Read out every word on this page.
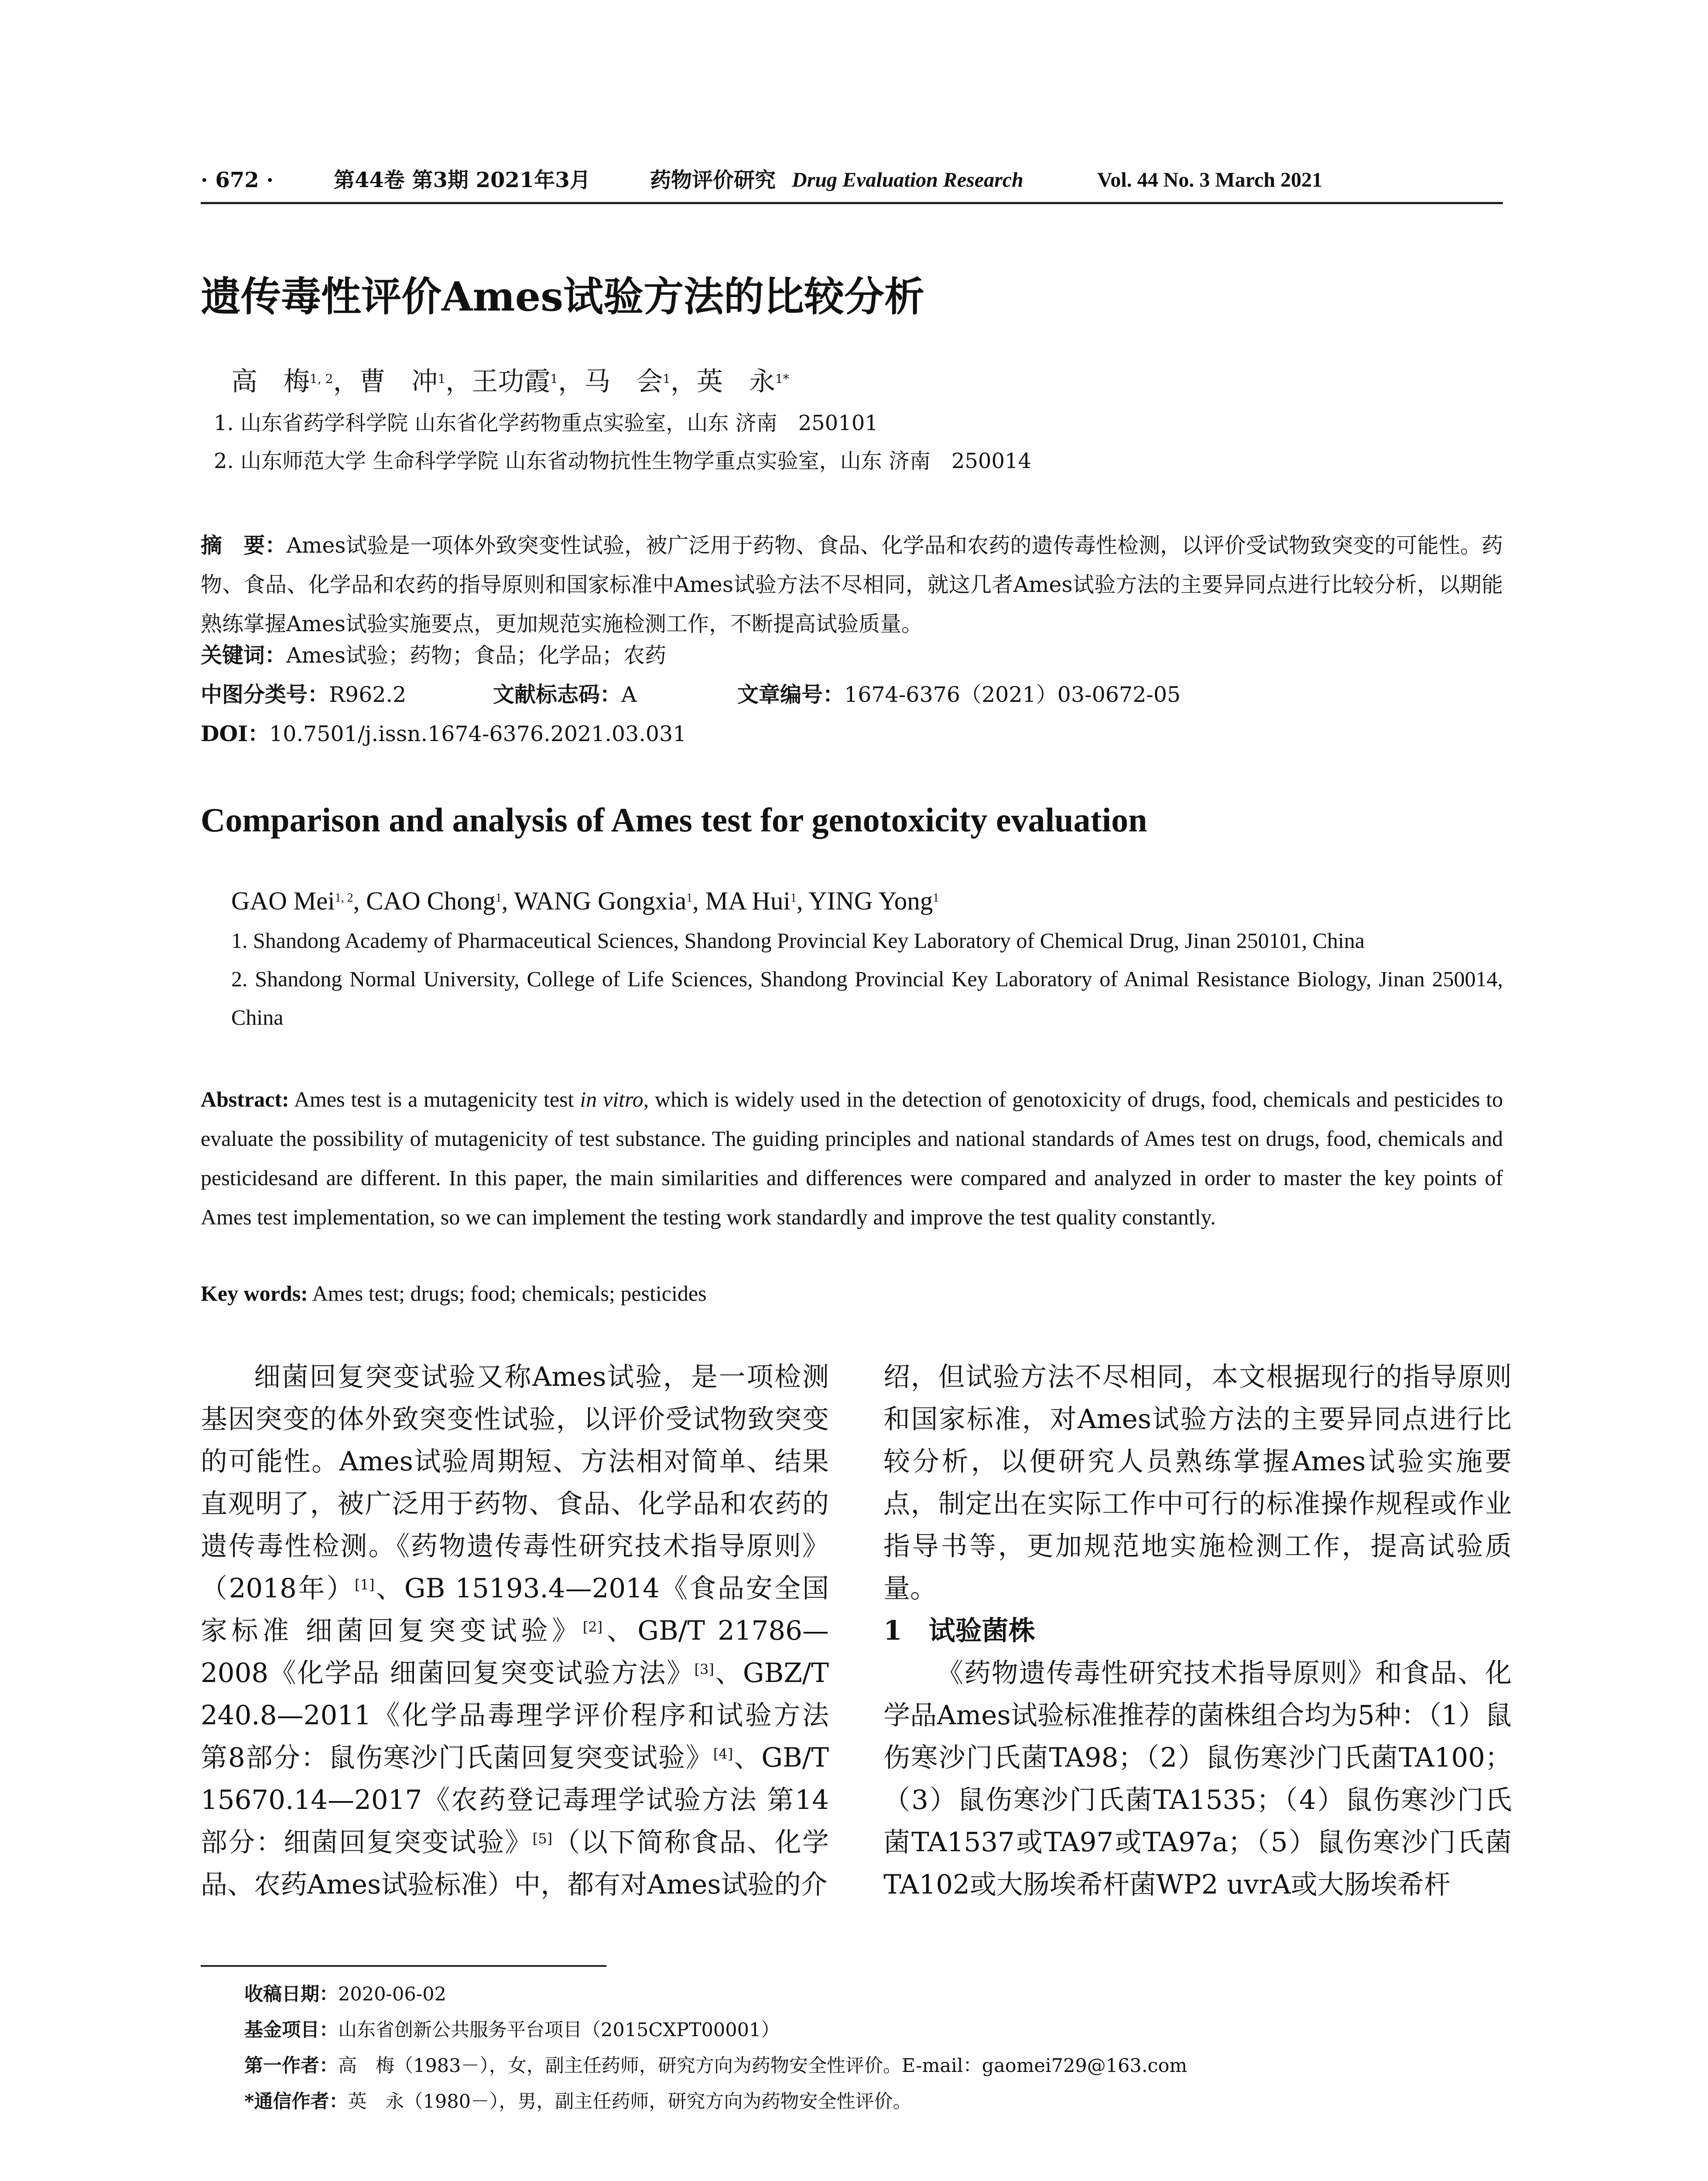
· 672 ·	第44卷 第3期 2021年3月	药物评价研究 Drug Evaluation Research	Vol. 44 No. 3 March 2021
遗传毒性评价Ames试验方法的比较分析
高　梅$^{1, 2}$，曹　冲$^1$，王功霞$^1$，马　会$^1$，英　永$^{1*}$
1. 山东省药学科学院 山东省化学药物重点实验室，山东 济南　250101
2. 山东师范大学 生命科学学院 山东省动物抗性生物学重点实验室，山东 济南　250014
摘　要：Ames试验是一项体外致突变性试验，被广泛用于药物、食品、化学品和农药的遗传毒性检测，以评价受试物致突变的可能性。药物、食品、化学品和农药的指导原则和国家标准中Ames试验方法不尽相同，就这几者Ames试验方法的主要异同点进行比较分析，以期能熟练掌握Ames试验实施要点，更加规范实施检测工作，不断提高试验质量。
关键词：Ames试验；药物；食品；化学品；农药
中图分类号：R962.2	文献标志码：A	文章编号：1674-6376（2021）03-0672-05
DOI：10.7501/j.issn.1674-6376.2021.03.031
Comparison and analysis of Ames test for genotoxicity evaluation
GAO Mei$^{1, 2}$, CAO Chong$^1$, WANG Gongxia$^1$, MA Hui$^1$, YING Yong$^1$
1. Shandong Academy of Pharmaceutical Sciences, Shandong Provincial Key Laboratory of Chemical Drug, Jinan 250101, China
2. Shandong Normal University, College of Life Sciences, Shandong Provincial Key Laboratory of Animal Resistance Biology, Jinan 250014, China
Abstract: Ames test is a mutagenicity test in vitro, which is widely used in the detection of genotoxicity of drugs, food, chemicals and pesticides to evaluate the possibility of mutagenicity of test substance. The guiding principles and national standards of Ames test on drugs, food, chemicals and pesticidesand are different. In this paper, the main similarities and differences were compared and analyzed in order to master the key points of Ames test implementation, so we can implement the testing work standardly and improve the test quality constantly.
Key words: Ames test; drugs; food; chemicals; pesticides

细菌回复突变试验又称Ames试验，是一项检测基因突变的体外致突变性试验，以评价受试物致突变的可能性。Ames试验周期短、方法相对简单、结果直观明了，被广泛用于药物、食品、化学品和农药的遗传毒性检测。《药物遗传毒性研究技术指导原则》（2018年）[1]、GB 15193.4—2014《食品安全国家标准 细菌回复突变试验》[2]、GB/T 21786—2008《化学品 细菌回复突变试验方法》[3]、GBZ/T 240.8—2011《化学品毒理学评价程序和试验方法 第8部分：鼠伤寒沙门氏菌回复突变试验》[4]、GB/T 15670.14—2017《农药登记毒理学试验方法 第14部分：细菌回复突变试验》[5]（以下简称食品、化学品、农药Ames试验标准）中，都有对Ames试验的介

绍，但试验方法不尽相同，本文根据现行的指导原则和国家标准，对Ames试验方法的主要异同点进行比较分析，以便研究人员熟练掌握Ames试验实施要点，制定出在实际工作中可行的标准操作规程或作业指导书等，更加规范地实施检测工作，提高试验质量。

1　试验菌株

《药物遗传毒性研究技术指导原则》和食品、化学品Ames试验标准推荐的菌株组合均为5种：（1）鼠伤寒沙门氏菌TA98；（2）鼠伤寒沙门氏菌TA100；（3）鼠伤寒沙门氏菌TA1535；（4）鼠伤寒沙门氏菌TA1537或TA97或TA97a；（5）鼠伤寒沙门氏菌TA102或大肠埃希杆菌WP2 uvrA或大肠埃希杆

收稿日期：2020-06-02
基金项目：山东省创新公共服务平台项目（2015CXPT00001）
第一作者：高　梅（1983－），女，副主任药师，研究方向为药物安全性评价。E-mail：gaomei729@163.com
*通信作者：英　永（1980－），男，副主任药师，研究方向为药物安全性评价。
